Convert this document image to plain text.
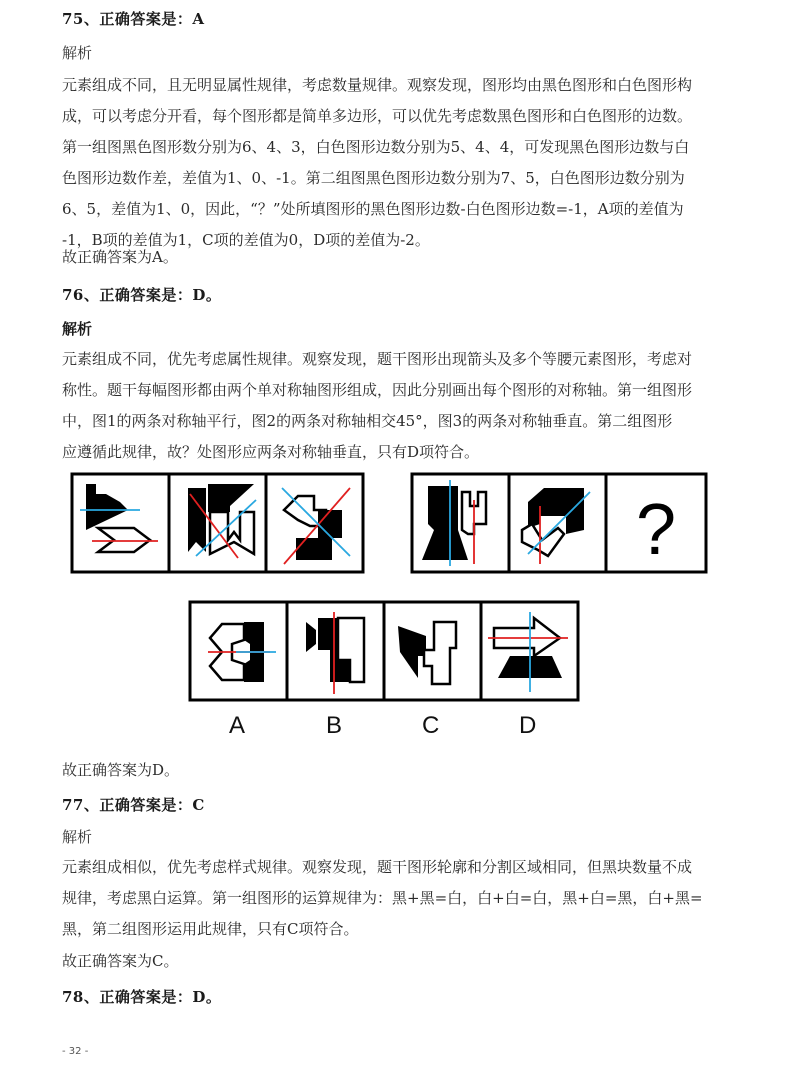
75、正确答案是：A
解析
元素组成不同，且无明显属性规律，考虑数量规律。观察发现，图形均由黑色图形和白色图形构
成，可以考虑分开看，每个图形都是简单多边形，可以优先考虑数黑色图形和白色图形的边数。
第一组图黑色图形数分别为6、4、3，白色图形边数分别为5、4、4，可发现黑色图形边数与白
色图形边数作差，差值为1、0、-1。第二组图黑色图形边数分别为7、5，白色图形边数分别为
6、5，差值为1、0，因此，“？”处所填图形的黑色图形边数-白色图形边数=-1，A项的差值为
-1，B项的差值为1，C项的差值为0，D项的差值为-2。
故正确答案为A。
76、正确答案是：D。
解析
元素组成不同，优先考虑属性规律。观察发现，题干图形出现箭头及多个等腰元素图形，考虑对
称性。题干每幅图形都由两个单对称轴图形组成，因此分别画出每个图形的对称轴。第一组图形
中，图1的两条对称轴平行，图2的两条对称轴相交45°，图3的两条对称轴垂直。第二组图形
应遵循此规律，故？处图形应两条对称轴垂直，只有D项符合。
?
A	B	C	D
故正确答案为D。
77、正确答案是：C
解析
元素组成相似，优先考虑样式规律。观察发现，题干图形轮廓和分割区域相同，但黑块数量不成
规律，考虑黑白运算。第一组图形的运算规律为：黑+黑=白，白+白=白，黑+白=黑，白+黑=
黑，第二组图形运用此规律，只有C项符合。
故正确答案为C。
78、正确答案是：D。
- 32 -
